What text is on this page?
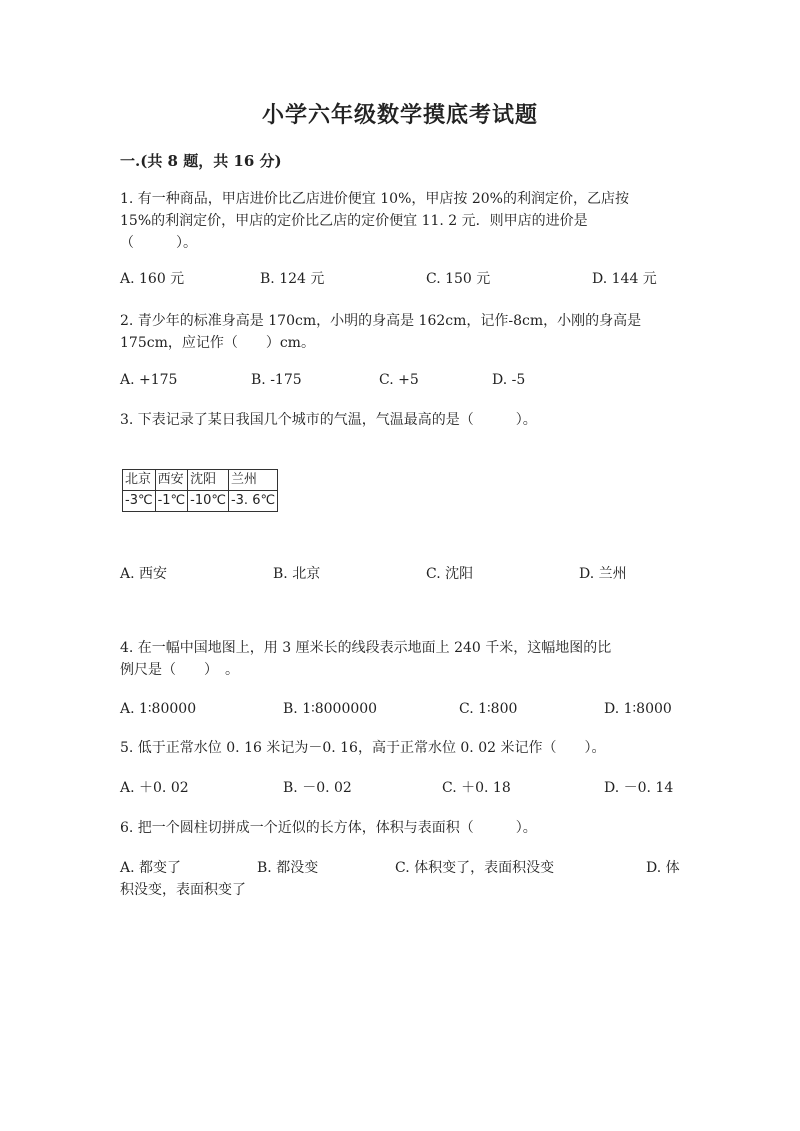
小学六年级数学摸底考试题
一.(共 8 题，共 16 分)
1. 有一种商品，甲店进价比乙店进价便宜 10%，甲店按 20%的利润定价，乙店按
15%的利润定价，甲店的定价比乙店的定价便宜 11. 2 元．则甲店的进价是
（　　　）。
A. 160 元	B. 124 元	C. 150 元	D. 144 元
2. 青少年的标准身高是 170cm，小明的身高是 162cm，记作-8cm，小刚的身高是
175cm，应记作（　　）cm。
A. +175	B. -175	C. +5	D. -5
3. 下表记录了某日我国几个城市的气温，气温最高的是（　　　）。
北京	西安	沈阳	兰州
-3℃	-1℃	-10℃	-3. 6℃
A. 西安	B. 北京	C. 沈阳	D. 兰州
4. 在一幅中国地图上，用 3 厘米长的线段表示地面上 240 千米，这幅地图的比
例尺是（　　）　。
A. 1∶80000	B. 1∶8000000	C. 1∶800	D. 1∶8000
5. 低于正常水位 0. 16 米记为－0. 16，高于正常水位 0. 02 米记作（　　）。
A. ＋0. 02	B. －0. 02	C. ＋0. 18	D. －0. 14
6. 把一个圆柱切拼成一个近似的长方体，体积与表面积（　　　）。
A. 都变了	B. 都没变	C. 体积变了，表面积没变	D. 体
积没变，表面积变了
